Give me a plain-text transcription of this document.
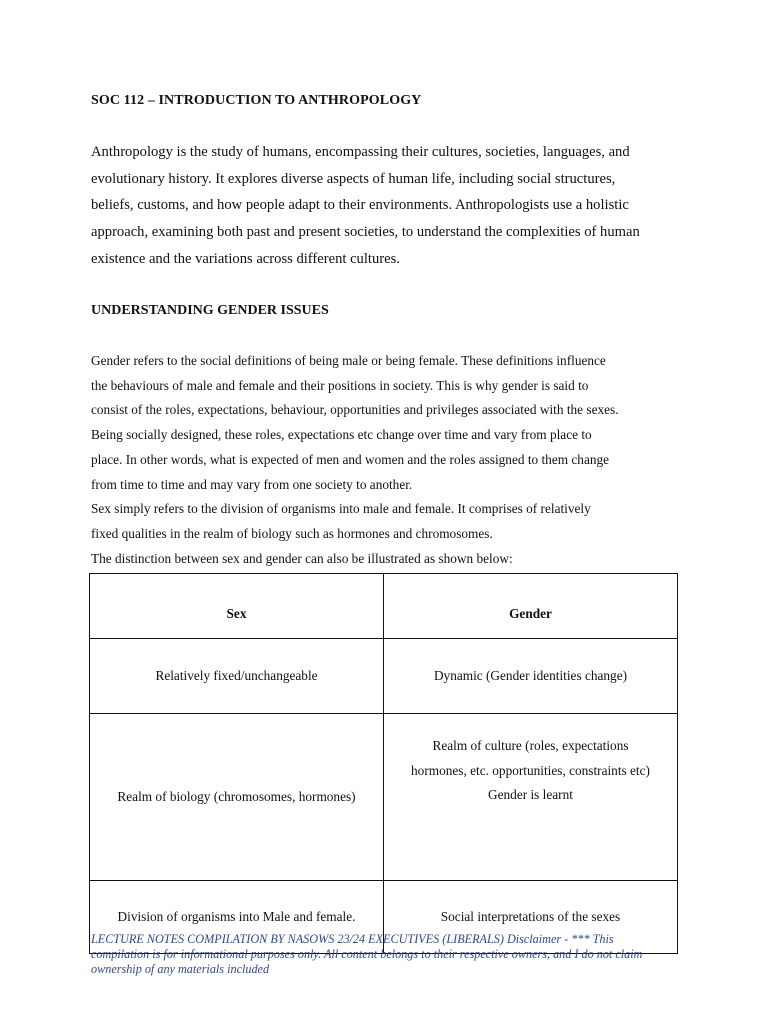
SOC 112 – INTRODUCTION TO ANTHROPOLOGY
Anthropology is the study of humans, encompassing their cultures, societies, languages, and
evolutionary history. It explores diverse aspects of human life, including social structures,
beliefs, customs, and how people adapt to their environments. Anthropologists use a holistic
approach, examining both past and present societies, to understand the complexities of human
existence and the variations across different cultures.
UNDERSTANDING GENDER ISSUES
Gender refers to the social definitions of being male or being female. These definitions influence
the behaviours of male and female and their positions in society. This is why gender is said to
consist of the roles, expectations, behaviour, opportunities and privileges associated with the sexes.
Being socially designed, these roles, expectations etc change over time and vary from place to
place. In other words, what is expected of men and women and the roles assigned to them change
from time to time and may vary from one society to another.
Sex simply refers to the division of organisms into male and female. It comprises of relatively
fixed qualities in the realm of biology such as hormones and chromosomes.
The distinction between sex and gender can also be illustrated as shown below:
Sex	Gender
Relatively fixed/unchangeable	Dynamic (Gender identities change)
Realm of biology (chromosomes, hormones)	Realm of culture (roles, expectations
hormones, etc. opportunities, constraints etc)
Gender is learnt

Division of organisms into Male and female.	Social interpretations of the sexes
LECTURE NOTES COMPILATION BY NASOWS 23/24 EXECUTIVES (LIBERALS) Disclaimer - *** This
compilation is for informational purposes only. All content belongs to their respective owners, and I do not claim
ownership of any materials included
